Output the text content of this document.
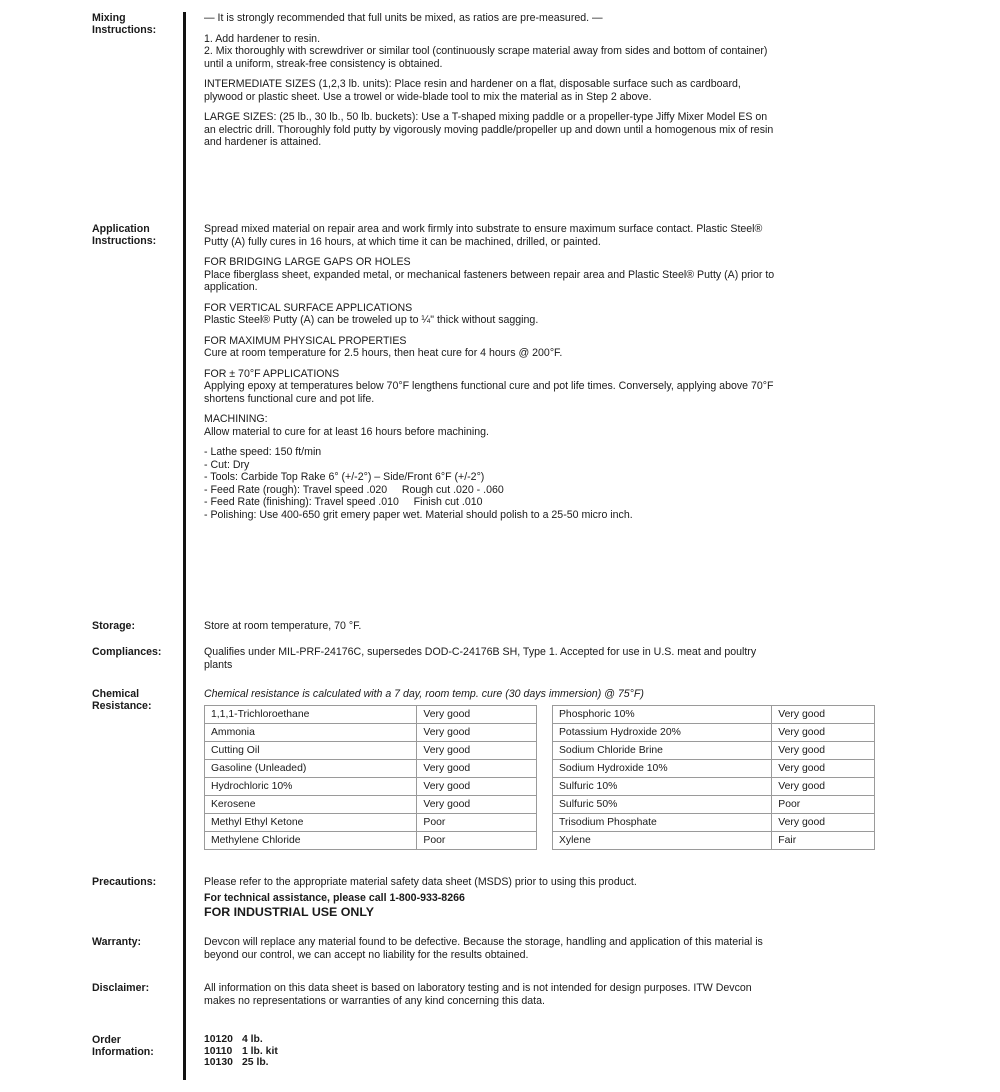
Mixing Instructions:
— It is strongly recommended that full units be mixed, as ratios are pre-measured. —
1. Add hardener to resin.
2. Mix thoroughly with screwdriver or similar tool (continuously scrape material away from sides and bottom of container)
until a uniform, streak-free consistency is obtained.
INTERMEDIATE SIZES (1,2,3 lb. units): Place resin and hardener on a flat, disposable surface such as cardboard,
plywood or plastic sheet. Use a trowel or wide-blade tool to mix the material as in Step 2 above.
LARGE SIZES: (25 lb., 30 lb., 50 lb. buckets): Use a T-shaped mixing paddle or a propeller-type Jiffy Mixer Model ES on
an electric drill. Thoroughly fold putty by vigorously moving paddle/propeller up and down until a homogenous mix of resin
and hardener is attained.
Application Instructions:
Spread mixed material on repair area and work firmly into substrate to ensure maximum surface contact. Plastic Steel®
Putty (A) fully cures in 16 hours, at which time it can be machined, drilled, or painted.
FOR BRIDGING LARGE GAPS OR HOLES
Place fiberglass sheet, expanded metal, or mechanical fasteners between repair area and Plastic Steel® Putty (A) prior to
application.
FOR VERTICAL SURFACE APPLICATIONS
Plastic Steel® Putty (A) can be troweled up to ¼" thick without sagging.
FOR MAXIMUM PHYSICAL PROPERTIES
Cure at room temperature for 2.5 hours, then heat cure for 4 hours @ 200°F.
FOR ± 70°F APPLICATIONS
Applying epoxy at temperatures below 70°F lengthens functional cure and pot life times. Conversely, applying above 70°F
shortens functional cure and pot life.
MACHINING:
Allow material to cure for at least 16 hours before machining.
- Lathe speed: 150 ft/min
- Cut: Dry
- Tools: Carbide Top Rake 6° (+/-2°) – Side/Front 6°F (+/-2°)
- Feed Rate (rough): Travel speed .020     Rough cut .020 - .060
- Feed Rate (finishing): Travel speed .010     Finish cut .010
- Polishing: Use 400-650 grit emery paper wet. Material should polish to a 25-50 micro inch.
Storage:	Store at room temperature, 70 °F.
Compliances:	Qualifies under MIL-PRF-24176C, supersedes DOD-C-24176B SH, Type 1. Accepted for use in U.S. meat and poultry
plants
Chemical Resistance:
Chemical resistance is calculated with a 7 day, room temp. cure (30 days immersion) @ 75°F)
1,1,1-Trichloroethane	Very good
Ammonia	Very good
Cutting Oil	Very good
Gasoline (Unleaded)	Very good
Hydrochloric 10%	Very good
Kerosene	Very good
Methyl Ethyl Ketone	Poor
Methylene Chloride	Poor
Phosphoric 10%	Very good
Potassium Hydroxide 20%	Very good
Sodium Chloride Brine	Very good
Sodium Hydroxide 10%	Very good
Sulfuric 10%	Very good
Sulfuric 50%	Poor
Trisodium Phosphate	Very good
Xylene	Fair
Precautions:	Please refer to the appropriate material safety data sheet (MSDS) prior to using this product.
For technical assistance, please call 1-800-933-8266
FOR INDUSTRIAL USE ONLY
Warranty:	Devcon will replace any material found to be defective. Because the storage, handling and application of this material is
beyond our control, we can accept no liability for the results obtained.
Disclaimer:	All information on this data sheet is based on laboratory testing and is not intended for design purposes. ITW Devcon
makes no representations or warranties of any kind concerning this data.
Order Information:
10120	4 lb.
10110	1 lb. kit
10130	25 lb.
